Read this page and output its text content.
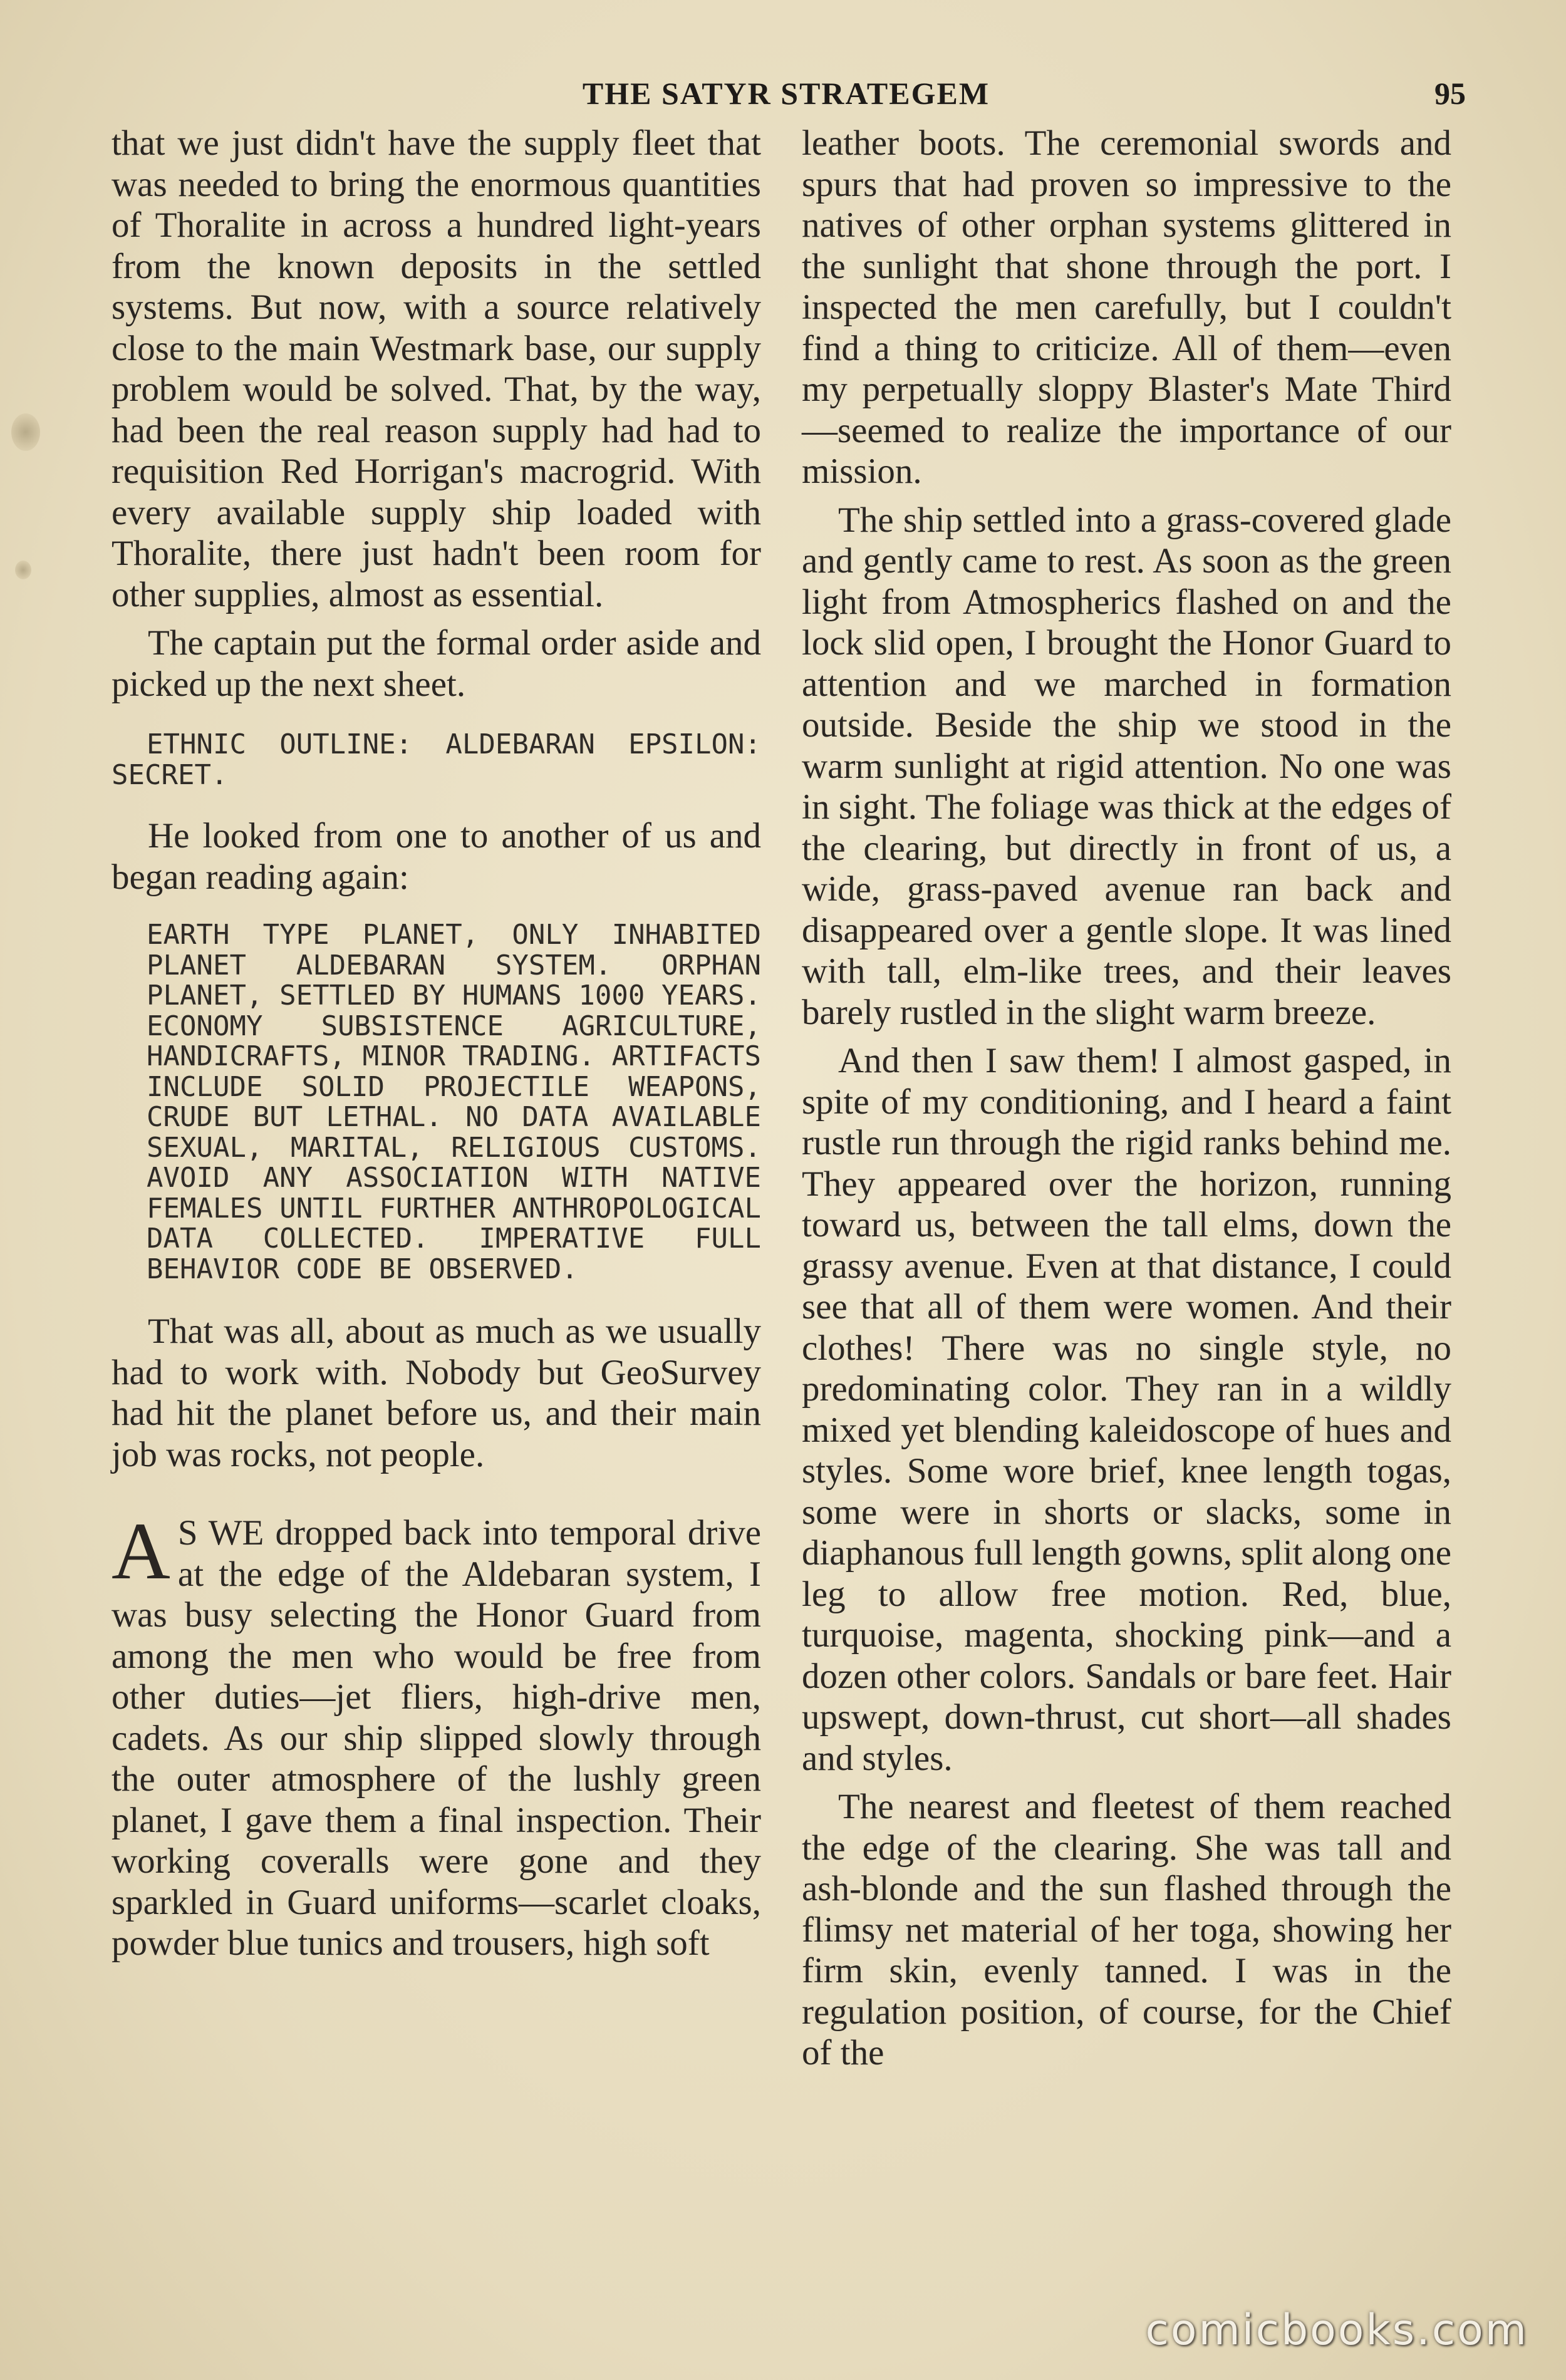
THE SATYR STRATEGEM	95

that we just didn't have the supply fleet that was needed to bring the enormous quantities of Thoralite in across a hundred light-years from the known deposits in the settled systems. But now, with a source relatively close to the main Westmark base, our supply problem would be solved. That, by the way, had been the real reason supply had had to requisition Red Horrigan's macrogrid. With every available supply ship loaded with Thoralite, there just hadn't been room for other supplies, almost as essential.

The captain put the formal order aside and picked up the next sheet.

ETHNIC OUTLINE: ALDEBARAN EPSILON: SECRET.

He looked from one to another of us and began reading again:

EARTH TYPE PLANET, ONLY INHABITED PLANET ALDEBARAN SYSTEM. ORPHAN PLANET, SETTLED BY HUMANS 1000 YEARS. ECONOMY SUBSISTENCE AGRICULTURE, HANDICRAFTS, MINOR TRADING. ARTIFACTS INCLUDE SOLID PROJECTILE WEAPONS, CRUDE BUT LETHAL. NO DATA AVAILABLE SEXUAL, MARITAL, RELIGIOUS CUSTOMS. AVOID ANY ASSOCIATION WITH NATIVE FEMALES UNTIL FURTHER ANTHROPOLOGICAL DATA COLLECTED. IMPERATIVE FULL BEHAVIOR CODE BE OBSERVED.

That was all, about as much as we usually had to work with. Nobody but GeoSurvey had hit the planet before us, and their main job was rocks, not people.

A S WE dropped back into temporal drive at the edge of the Aldebaran system, I was busy selecting the Honor Guard from among the men who would be free from other duties—jet fliers, high-drive men, cadets. As our ship slipped slowly through the outer atmosphere of the lushly green planet, I gave them a final inspection. Their working coveralls were gone and they sparkled in Guard uniforms—scarlet cloaks, powder blue tunics and trousers, high soft

leather boots. The ceremonial swords and spurs that had proven so impressive to the natives of other orphan systems glittered in the sunlight that shone through the port. I inspected the men carefully, but I couldn't find a thing to criticize. All of them—even my perpetually sloppy Blaster's Mate Third—seemed to realize the importance of our mission.

The ship settled into a grass-covered glade and gently came to rest. As soon as the green light from Atmospherics flashed on and the lock slid open, I brought the Honor Guard to attention and we marched in formation outside. Beside the ship we stood in the warm sunlight at rigid attention. No one was in sight. The foliage was thick at the edges of the clearing, but directly in front of us, a wide, grass-paved avenue ran back and disappeared over a gentle slope. It was lined with tall, elm-like trees, and their leaves barely rustled in the slight warm breeze.

And then I saw them! I almost gasped, in spite of my conditioning, and I heard a faint rustle run through the rigid ranks behind me. They appeared over the horizon, running toward us, between the tall elms, down the grassy avenue. Even at that distance, I could see that all of them were women. And their clothes! There was no single style, no predominating color. They ran in a wildly mixed yet blending kaleidoscope of hues and styles. Some wore brief, knee length togas, some were in shorts or slacks, some in diaphanous full length gowns, split along one leg to allow free motion. Red, blue, turquoise, magenta, shocking pink—and a dozen other colors. Sandals or bare feet. Hair upswept, down-thrust, cut short—all shades and styles.

The nearest and fleetest of them reached the edge of the clearing. She was tall and ash-blonde and the sun flashed through the flimsy net material of her toga, showing her firm skin, evenly tanned. I was in the regulation position, of course, for the Chief of the

comicbooks.com
